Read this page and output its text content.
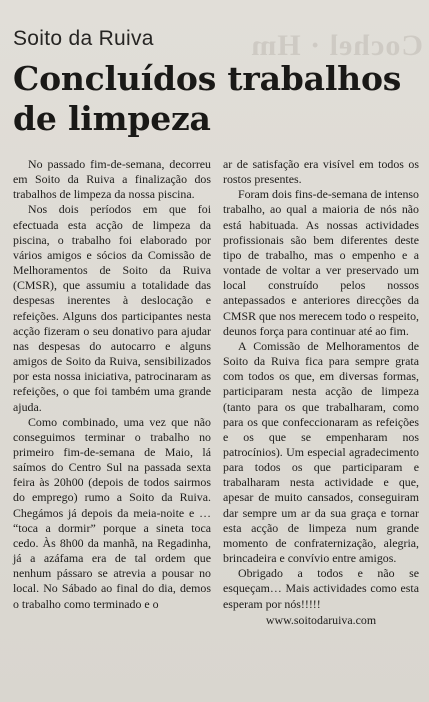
Cochel · Hm
Soito da Ruiva
Concluídos trabalhos de limpeza

No passado fim-de-semana, decorreu em Soito da Ruiva a finalização dos trabalhos de limpeza da nossa piscina.

Nos dois períodos em que foi efectuada esta acção de limpeza da piscina, o trabalho foi elaborado por vários amigos e sócios da Comissão de Melhoramentos de Soito da Ruiva (CMSR), que assumiu a totalidade das despesas inerentes à deslocação e refeições. Alguns dos participantes nesta acção fizeram o seu donativo para ajudar nas despesas do autocarro e alguns amigos de Soito da Ruiva, sensibilizados por esta nossa iniciativa, patrocinaram as refeições, o que foi também uma grande ajuda.

Como combinado, uma vez que não conseguimos terminar o trabalho no primeiro fim-de-semana de Maio, lá saímos do Centro Sul na passada sexta feira às 20h00 (depois de todos sairmos do emprego) rumo a Soito da Ruiva. Chegámos já depois da meia-noite e … “toca a dormir” porque a sineta toca cedo. Às 8h00 da manhã, na Regadinha, já a azáfama era de tal ordem que nenhum pássaro se atrevia a pousar no local. No Sábado ao final do dia, demos o trabalho como terminado e o

ar de satisfação era visível em todos os rostos presentes.

Foram dois fins-de-semana de intenso trabalho, ao qual a maioria de nós não está habituada. As nossas actividades profissionais são bem diferentes deste tipo de trabalho, mas o empenho e a vontade de voltar a ver preservado um local construído pelos nossos antepassados e anteriores direcções da CMSR que nos merecem todo o respeito, deunos força para continuar até ao fim.

A Comissão de Melhoramentos de Soito da Ruiva fica para sempre grata com todos os que, em diversas formas, participaram nesta acção de limpeza (tanto para os que trabalharam, como para os que confeccionaram as refeições e os que se empenharam nos patrocínios). Um especial agradecimento para todos os que participaram e trabalharam nesta actividade e que, apesar de muito cansados, conseguiram dar sempre um ar da sua graça e tornar esta acção de limpeza num grande momento de confraternização, alegria, brincadeira e convívio entre amigos.

Obrigado a todos e não se esqueçam… Mais actividades como esta esperam por nós!!!!!

www.soitodaruiva.com
